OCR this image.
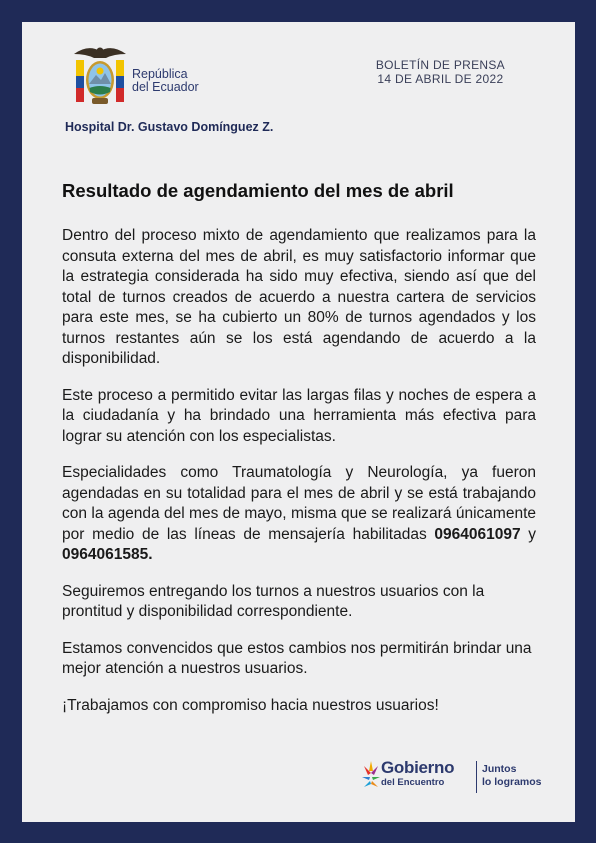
República
del Ecuador
BOLETÍN DE PRENSA
14 DE ABRIL DE 2022
Hospital Dr. Gustavo Domínguez Z.
Resultado de agendamiento del mes de abril

Dentro del proceso mixto de agendamiento que realizamos para la consuta externa del mes de abril, es muy satisfactorio informar que la estrategia considerada ha sido muy efectiva, siendo así que del total de turnos creados de acuerdo a nuestra cartera de servicios para este mes, se ha cubierto un 80% de turnos agendados y los turnos restantes aún se los está agendando de acuerdo a la disponibilidad.

Este proceso a permitido evitar las largas filas y noches de espera a la ciudadanía y ha brindado una herramienta más efectiva para lograr su atención con los especialistas.

Especialidades como Traumatología y Neurología, ya fueron agendadas en su totalidad para el mes de abril y se está trabajando con la agenda del mes de mayo, misma que se realizará únicamente por medio de las líneas de mensajería habilitadas 0964061097 y 0964061585.

Seguiremos entregando los turnos a nuestros usuarios con la prontitud y disponibilidad correspondiente.

Estamos convencidos que estos cambios nos permitirán brindar una mejor atención a nuestros usuarios.

¡Trabajamos con compromiso hacia nuestros usuarios!

Gobierno
del Encuentro
Juntos
lo logramos
